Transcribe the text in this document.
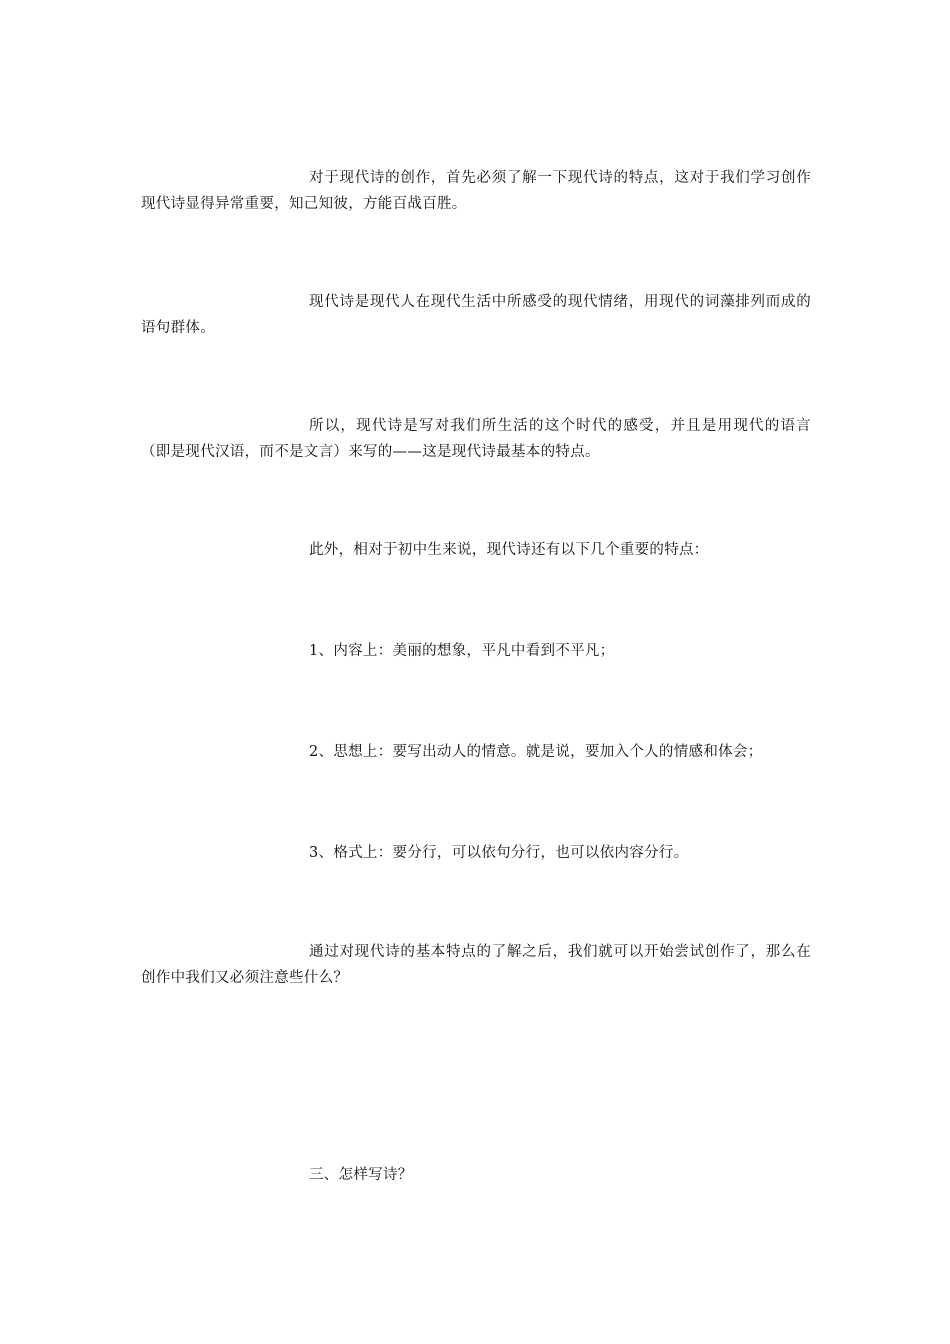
对于现代诗的创作，首先必须了解一下现代诗的特点，这对于我们学习创作现代诗显得异常重要，知己知彼，方能百战百胜。

现代诗是现代人在现代生活中所感受的现代情绪，用现代的词藻排列而成的语句群体。

所以，现代诗是写对我们所生活的这个时代的感受，并且是用现代的语言（即是现代汉语，而不是文言）来写的——这是现代诗最基本的特点。

此外，相对于初中生来说，现代诗还有以下几个重要的特点：

1、内容上：美丽的想象，平凡中看到不平凡；

2、思想上：要写出动人的情意。就是说，要加入个人的情感和体会；

3、格式上：要分行，可以依句分行，也可以依内容分行。

通过对现代诗的基本特点的了解之后，我们就可以开始尝试创作了，那么在创作中我们又必须注意些什么？

三、怎样写诗？
